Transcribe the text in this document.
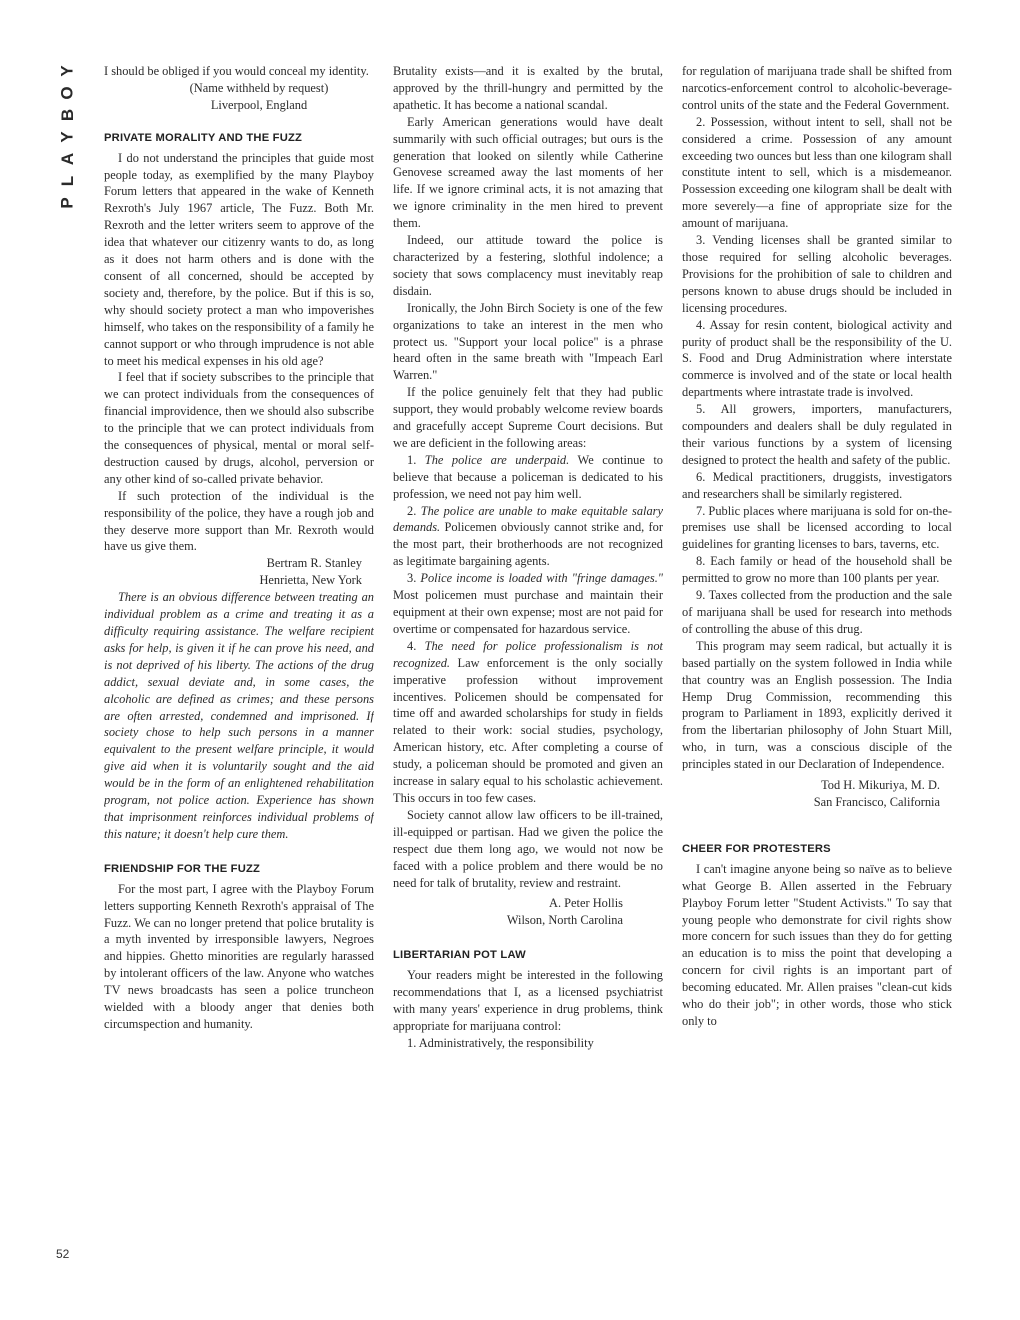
Y
O
B
Y
A
L
P
52

I should be obliged if you would conceal my identity.

(Name withheld by request)
Liverpool, England
PRIVATE MORALITY AND THE FUZZ

I do not understand the principles that guide most people today, as exemplified by the many Playboy Forum letters that appeared in the wake of Kenneth Rexroth's July 1967 article, The Fuzz. Both Mr. Rexroth and the letter writers seem to approve of the idea that whatever our citizenry wants to do, as long as it does not harm others and is done with the consent of all concerned, should be accepted by society and, therefore, by the police. But if this is so, why should society protect a man who impoverishes himself, who takes on the responsibility of a family he cannot support or who through imprudence is not able to meet his medical expenses in his old age?

I feel that if society subscribes to the principle that we can protect individuals from the consequences of financial improvidence, then we should also subscribe to the principle that we can protect individuals from the consequences of physical, mental or moral self-destruction caused by drugs, alcohol, perversion or any other kind of so-called private behavior.

If such protection of the individual is the responsibility of the police, they have a rough job and they deserve more support than Mr. Rexroth would have us give them.

Bertram R. Stanley
Henrietta, New York

There is an obvious difference between treating an individual problem as a crime and treating it as a difficulty requiring assistance. The welfare recipient asks for help, is given it if he can prove his need, and is not deprived of his liberty. The actions of the drug addict, sexual deviate and, in some cases, the alcoholic are defined as crimes; and these persons are often arrested, condemned and imprisoned. If society chose to help such persons in a manner equivalent to the present welfare principle, it would give aid when it is voluntarily sought and the aid would be in the form of an enlightened rehabilitation program, not police action. Experience has shown that imprisonment reinforces individual problems of this nature; it doesn't help cure them.

FRIENDSHIP FOR THE FUZZ

For the most part, I agree with the Playboy Forum letters supporting Kenneth Rexroth's appraisal of The Fuzz. We can no longer pretend that police brutality is a myth invented by irresponsible lawyers, Negroes and hippies. Ghetto minorities are regularly harassed by intolerant officers of the law. Anyone who watches TV news broadcasts has seen a police truncheon wielded with a bloody anger that denies both circumspection and humanity.

Brutality exists—and it is exalted by the brutal, approved by the thrill-hungry and permitted by the apathetic. It has become a national scandal.

Early American generations would have dealt summarily with such official outrages; but ours is the generation that looked on silently while Catherine Genovese screamed away the last moments of her life. If we ignore criminal acts, it is not amazing that we ignore criminality in the men hired to prevent them.

Indeed, our attitude toward the police is characterized by a festering, slothful indolence; a society that sows complacency must inevitably reap disdain.

Ironically, the John Birch Society is one of the few organizations to take an interest in the men who protect us. "Support your local police" is a phrase heard often in the same breath with "Impeach Earl Warren."

If the police genuinely felt that they had public support, they would probably welcome review boards and gracefully accept Supreme Court decisions. But we are deficient in the following areas:

1. The police are underpaid. We continue to believe that because a policeman is dedicated to his profession, we need not pay him well.

2. The police are unable to make equitable salary demands. Policemen obviously cannot strike and, for the most part, their brotherhoods are not recognized as legitimate bargaining agents.

3. Police income is loaded with "fringe damages." Most policemen must purchase and maintain their equipment at their own expense; most are not paid for overtime or compensated for hazardous service.

4. The need for police professionalism is not recognized. Law enforcement is the only socially imperative profession without improvement incentives. Policemen should be compensated for time off and awarded scholarships for study in fields related to their work: social studies, psychology, American history, etc. After completing a course of study, a policeman should be promoted and given an increase in salary equal to his scholastic achievement. This occurs in too few cases.

Society cannot allow law officers to be ill-trained, ill-equipped or partisan. Had we given the police the respect due them long ago, we would not now be faced with a police problem and there would be no need for talk of brutality, review and restraint.

A. Peter Hollis
Wilson, North Carolina
LIBERTARIAN POT LAW

Your readers might be interested in the following recommendations that I, as a licensed psychiatrist with many years' experience in drug problems, think appropriate for marijuana control:

1. Administratively, the responsibility

for regulation of marijuana trade shall be shifted from narcotics-enforcement control to alcoholic-beverage-control units of the state and the Federal Government.

2. Possession, without intent to sell, shall not be considered a crime. Possession of any amount exceeding two ounces but less than one kilogram shall constitute intent to sell, which is a misdemeanor. Possession exceeding one kilogram shall be dealt with more severely—a fine of appropriate size for the amount of marijuana.

3. Vending licenses shall be granted similar to those required for selling alcoholic beverages. Provisions for the prohibition of sale to children and persons known to abuse drugs should be included in licensing procedures.

4. Assay for resin content, biological activity and purity of product shall be the responsibility of the U. S. Food and Drug Administration where interstate commerce is involved and of the state or local health departments where intrastate trade is involved.

5. All growers, importers, manufacturers, compounders and dealers shall be duly regulated in their various functions by a system of licensing designed to protect the health and safety of the public.

6. Medical practitioners, druggists, investigators and researchers shall be similarly registered.

7. Public places where marijuana is sold for on-the-premises use shall be licensed according to local guidelines for granting licenses to bars, taverns, etc.

8. Each family or head of the household shall be permitted to grow no more than 100 plants per year.

9. Taxes collected from the production and the sale of marijuana shall be used for research into methods of controlling the abuse of this drug.

This program may seem radical, but actually it is based partially on the system followed in India while that country was an English possession. The India Hemp Drug Commission, recommending this program to Parliament in 1893, explicitly derived it from the libertarian philosophy of John Stuart Mill, who, in turn, was a conscious disciple of the principles stated in our Declaration of Independence.

Tod H. Mikuriya, M. D.
San Francisco, California
CHEER FOR PROTESTERS

I can't imagine anyone being so naïve as to believe what George B. Allen asserted in the February Playboy Forum letter "Student Activists." To say that young people who demonstrate for civil rights show more concern for such issues than they do for getting an education is to miss the point that developing a concern for civil rights is an important part of becoming educated. Mr. Allen praises "clean-cut kids who do their job"; in other words, those who stick only to
